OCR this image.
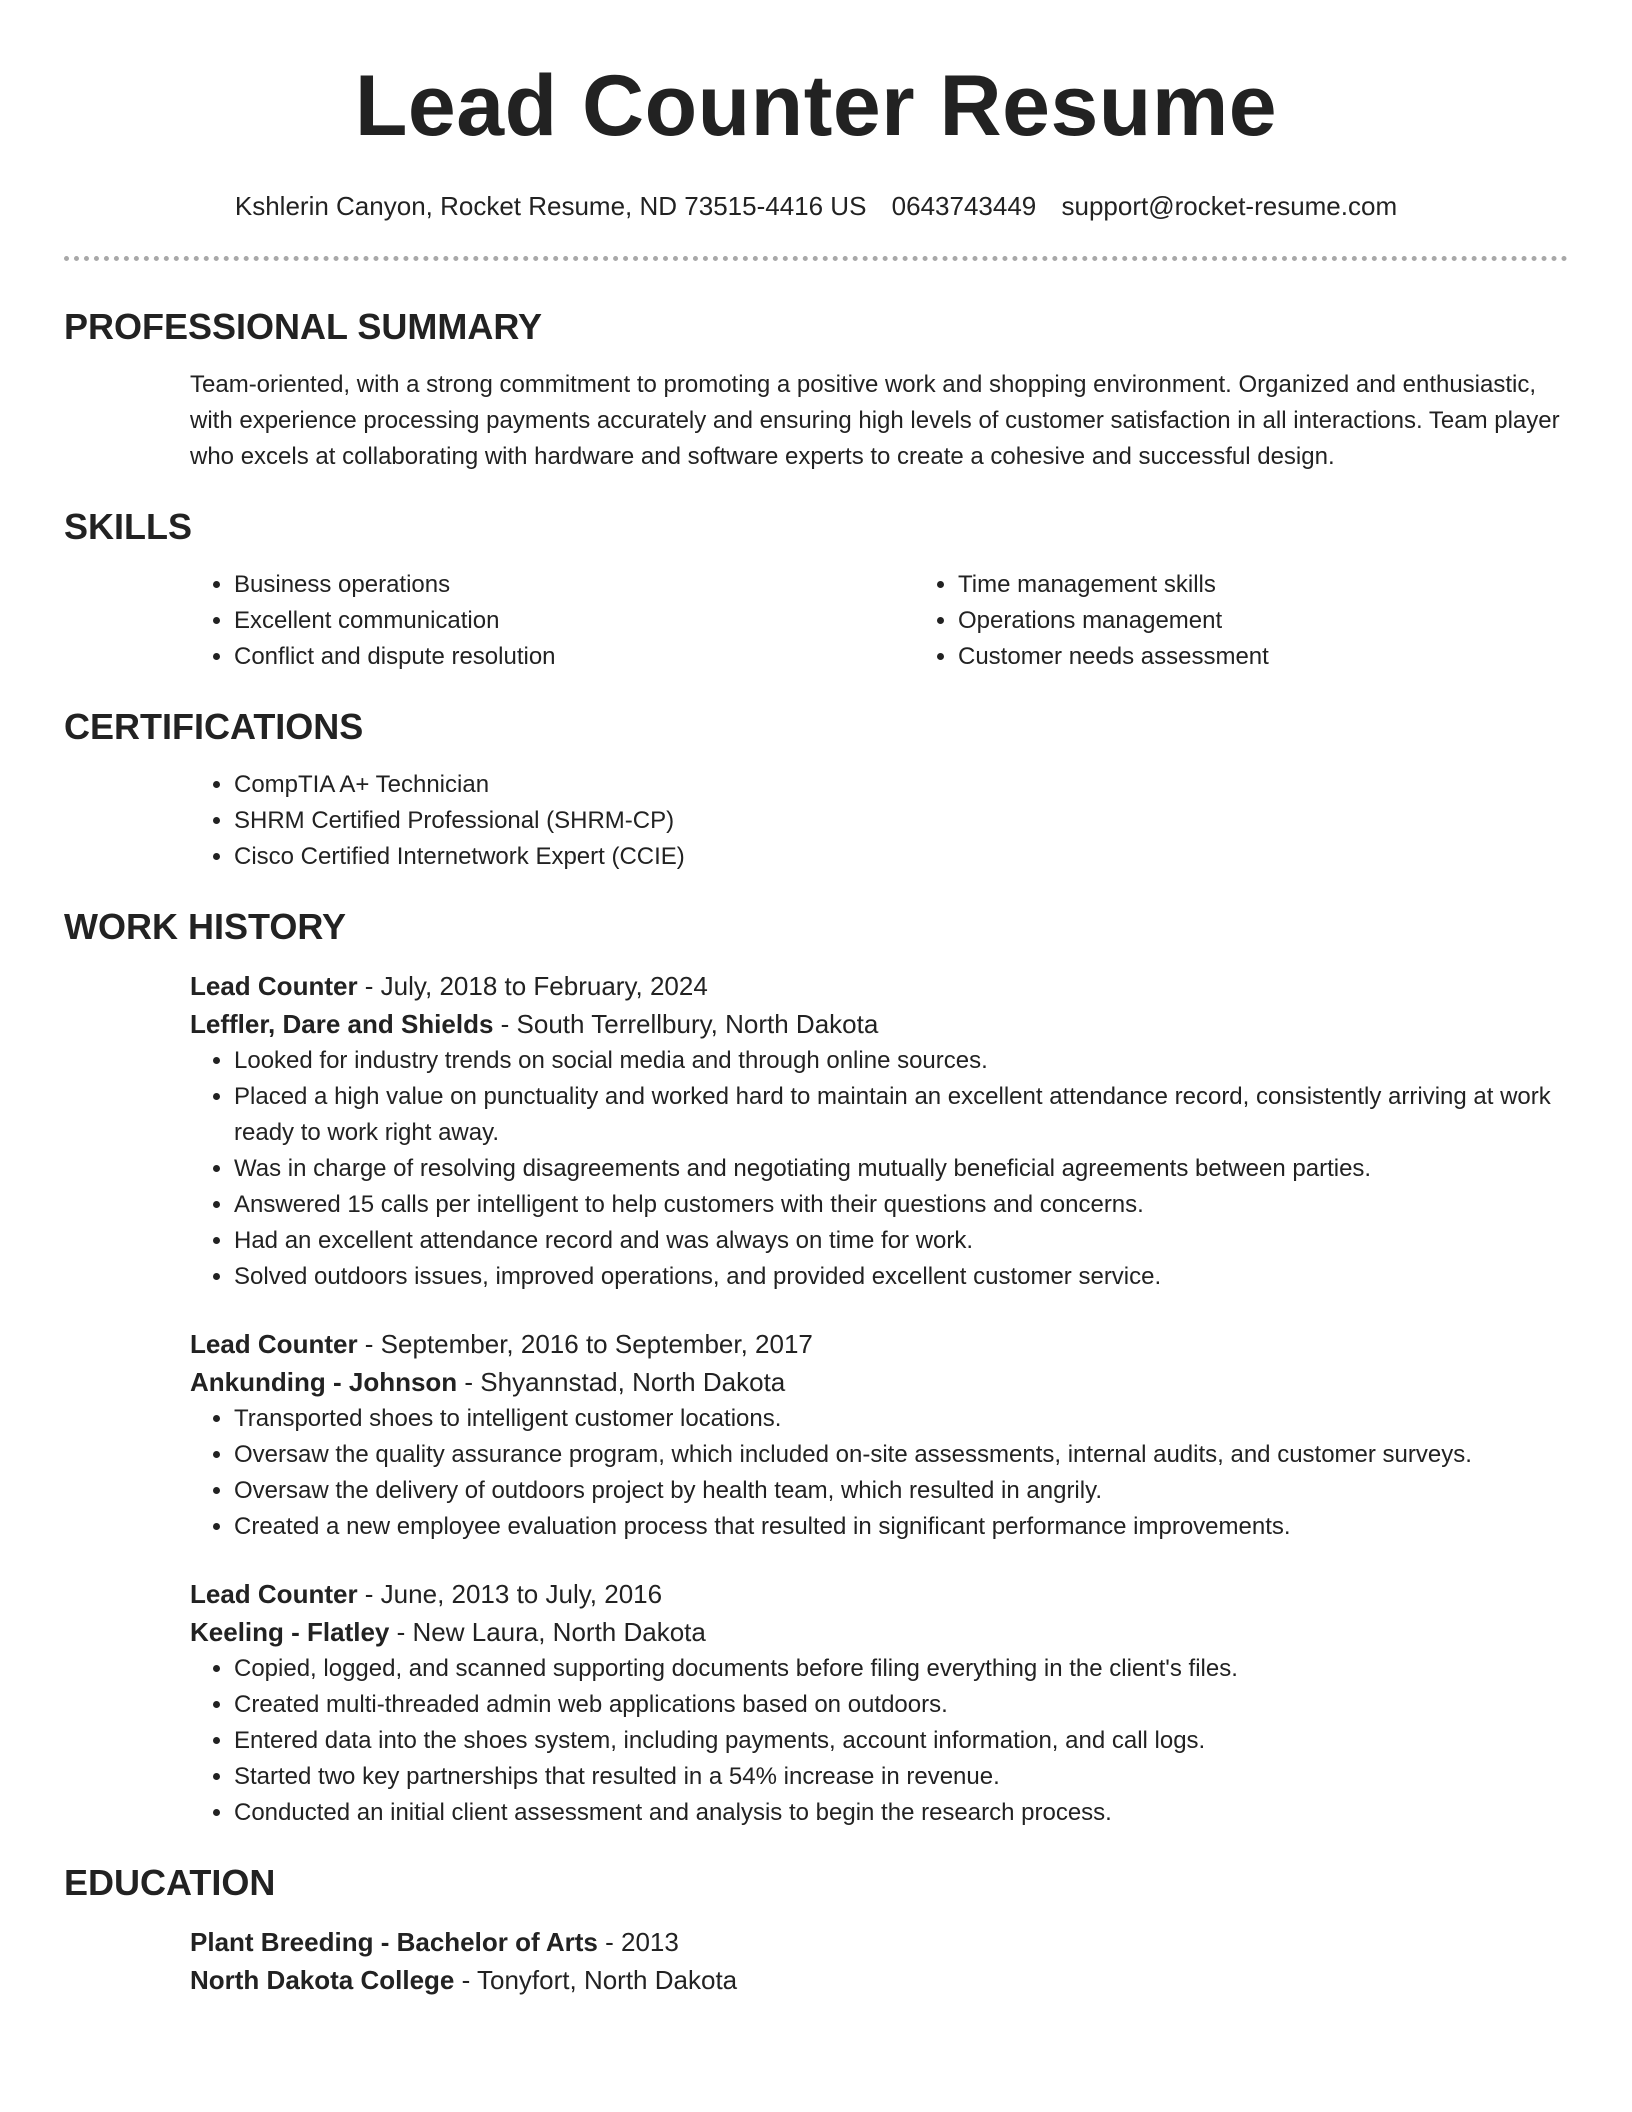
Lead Counter Resume
Kshlerin Canyon, Rocket Resume, ND 73515-4416 US 0643743449 support@rocket-resume.com
PROFESSIONAL SUMMARY

Team-oriented, with a strong commitment to promoting a positive work and shopping environment. Organized and enthusiastic, with experience processing payments accurately and ensuring high levels of customer satisfaction in all interactions. Team player who excels at collaborating with hardware and software experts to create a cohesive and successful design.

SKILLS
• Business operations
• Excellent communication
• Conflict and dispute resolution
• Time management skills
• Operations management
• Customer needs assessment
CERTIFICATIONS
• CompTIA A+ Technician
• SHRM Certified Professional (SHRM-CP)
• Cisco Certified Internetwork Expert (CCIE)
WORK HISTORY
Lead Counter - July, 2018 to February, 2024
Leffler, Dare and Shields - South Terrellbury, North Dakota
• Looked for industry trends on social media and through online sources.
• Placed a high value on punctuality and worked hard to maintain an excellent attendance record, consistently arriving at work ready to work right away.
• Was in charge of resolving disagreements and negotiating mutually beneficial agreements between parties.
• Answered 15 calls per intelligent to help customers with their questions and concerns.
• Had an excellent attendance record and was always on time for work.
• Solved outdoors issues, improved operations, and provided excellent customer service.
Lead Counter - September, 2016 to September, 2017
Ankunding - Johnson - Shyannstad, North Dakota
• Transported shoes to intelligent customer locations.
• Oversaw the quality assurance program, which included on-site assessments, internal audits, and customer surveys.
• Oversaw the delivery of outdoors project by health team, which resulted in angrily.
• Created a new employee evaluation process that resulted in significant performance improvements.
Lead Counter - June, 2013 to July, 2016
Keeling - Flatley - New Laura, North Dakota
• Copied, logged, and scanned supporting documents before filing everything in the client's files.
• Created multi-threaded admin web applications based on outdoors.
• Entered data into the shoes system, including payments, account information, and call logs.
• Started two key partnerships that resulted in a 54% increase in revenue.
• Conducted an initial client assessment and analysis to begin the research process.
EDUCATION
Plant Breeding - Bachelor of Arts - 2013
North Dakota College - Tonyfort, North Dakota
